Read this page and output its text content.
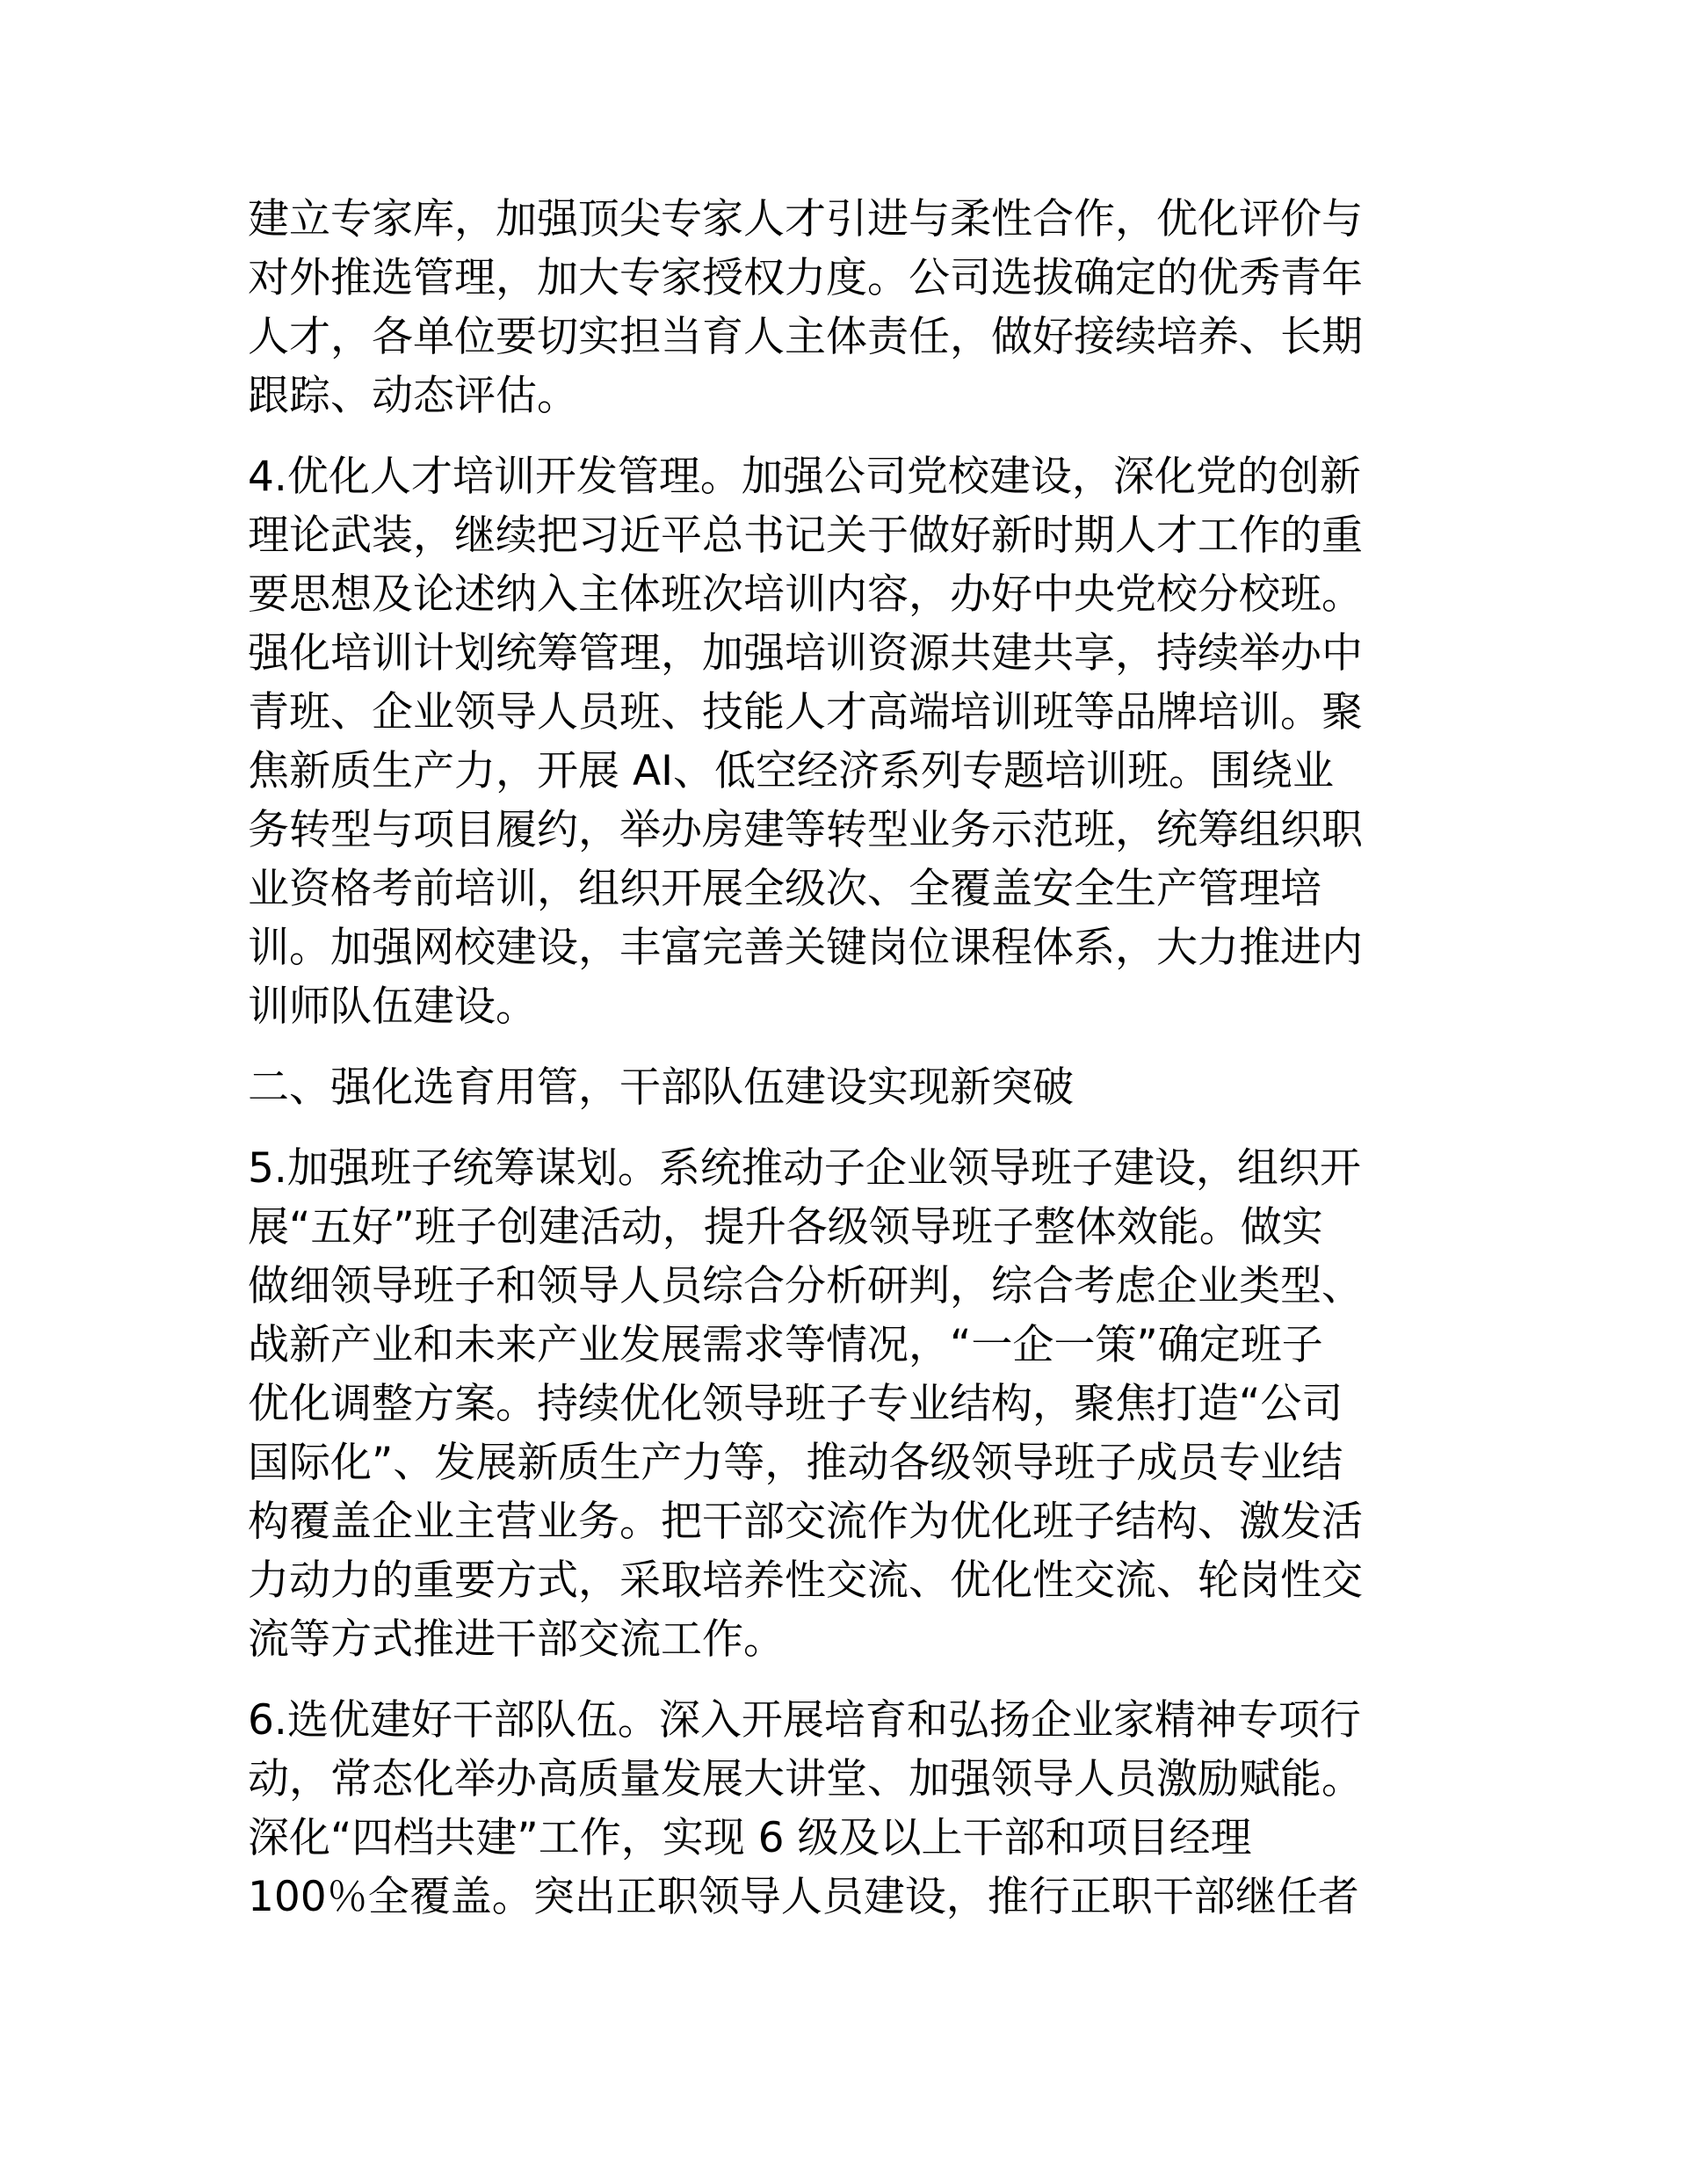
建立专家库，加强顶尖专家人才引进与柔性合作，优化评价与
对外推选管理，加大专家授权力度。公司选拔确定的优秀青年
人才，各单位要切实担当育人主体责任，做好接续培养、长期
跟踪、动态评估。
4.优化人才培训开发管理。加强公司党校建设，深化党的创新
理论武装，继续把习近平总书记关于做好新时期人才工作的重
要思想及论述纳入主体班次培训内容，办好中央党校分校班。
强化培训计划统筹管理，加强培训资源共建共享，持续举办中
青班、企业领导人员班、技能人才高端培训班等品牌培训。聚
焦新质生产力，开展 AI、低空经济系列专题培训班。围绕业
务转型与项目履约，举办房建等转型业务示范班，统筹组织职
业资格考前培训，组织开展全级次、全覆盖安全生产管理培
训。加强网校建设，丰富完善关键岗位课程体系，大力推进内
训师队伍建设。
二、强化选育用管，干部队伍建设实现新突破
5.加强班子统筹谋划。系统推动子企业领导班子建设，组织开
展“五好”班子创建活动，提升各级领导班子整体效能。做实
做细领导班子和领导人员综合分析研判，综合考虑企业类型、
战新产业和未来产业发展需求等情况，“一企一策”确定班子
优化调整方案。持续优化领导班子专业结构，聚焦打造“公司
国际化”、发展新质生产力等，推动各级领导班子成员专业结
构覆盖企业主营业务。把干部交流作为优化班子结构、激发活
力动力的重要方式，采取培养性交流、优化性交流、轮岗性交
流等方式推进干部交流工作。
6.选优建好干部队伍。深入开展培育和弘扬企业家精神专项行
动，常态化举办高质量发展大讲堂、加强领导人员激励赋能。
深化“四档共建”工作，实现 6 级及以上干部和项目经理
100％全覆盖。突出正职领导人员建设，推行正职干部继任者
